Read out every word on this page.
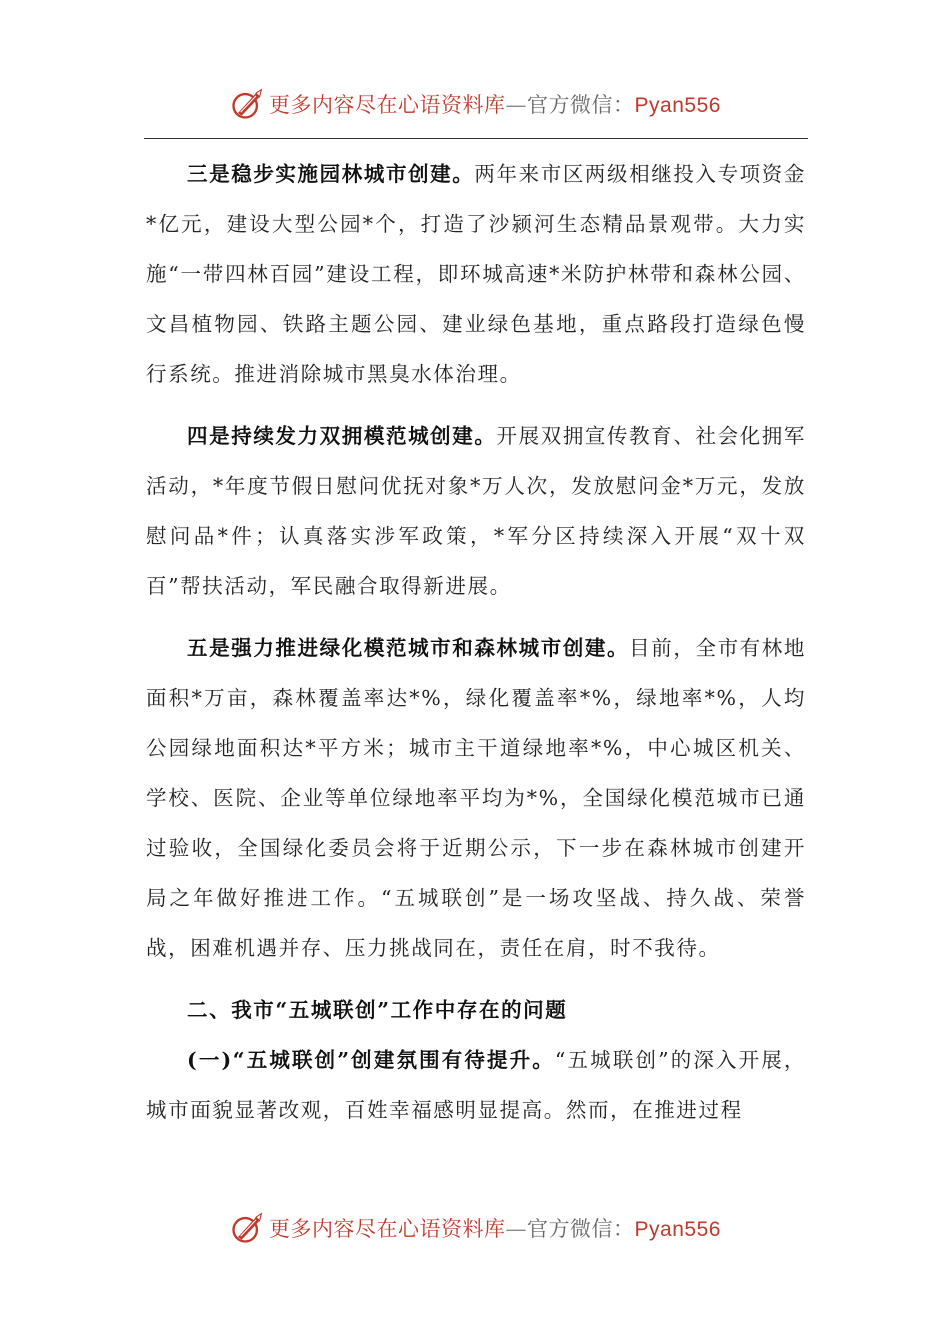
更多内容尽在心语资料库—官方微信：Pyan556

三是稳步实施园林城市创建。两年来市区两级相继投入专项资金*亿元，建设大型公园*个，打造了沙颍河生态精品景观带。大力实施“一带四林百园”建设工程，即环城高速*米防护林带和森林公园、文昌植物园、铁路主题公园、建业绿色基地，重点路段打造绿色慢行系统。推进消除城市黑臭水体治理。

四是持续发力双拥模范城创建。开展双拥宣传教育、社会化拥军活动，*年度节假日慰问优抚对象*万人次，发放慰问金*万元，发放慰问品*件；认真落实涉军政策，*军分区持续深入开展“双十双百”帮扶活动，军民融合取得新进展。

五是强力推进绿化模范城市和森林城市创建。目前，全市有林地面积*万亩，森林覆盖率达*%，绿化覆盖率*%，绿地率*%，人均公园绿地面积达*平方米；城市主干道绿地率*%，中心城区机关、学校、医院、企业等单位绿地率平均为*%，全国绿化模范城市已通过验收，全国绿化委员会将于近期公示，下一步在森林城市创建开局之年做好推进工作。“五城联创”是一场攻坚战、持久战、荣誉战，困难机遇并存、压力挑战同在，责任在肩，时不我待。

二、我市“五城联创”工作中存在的问题

(一)“五城联创”创建氛围有待提升。“五城联创”的深入开展，城市面貌显著改观，百姓幸福感明显提高。然而，在推进过程

更多内容尽在心语资料库—官方微信：Pyan556
